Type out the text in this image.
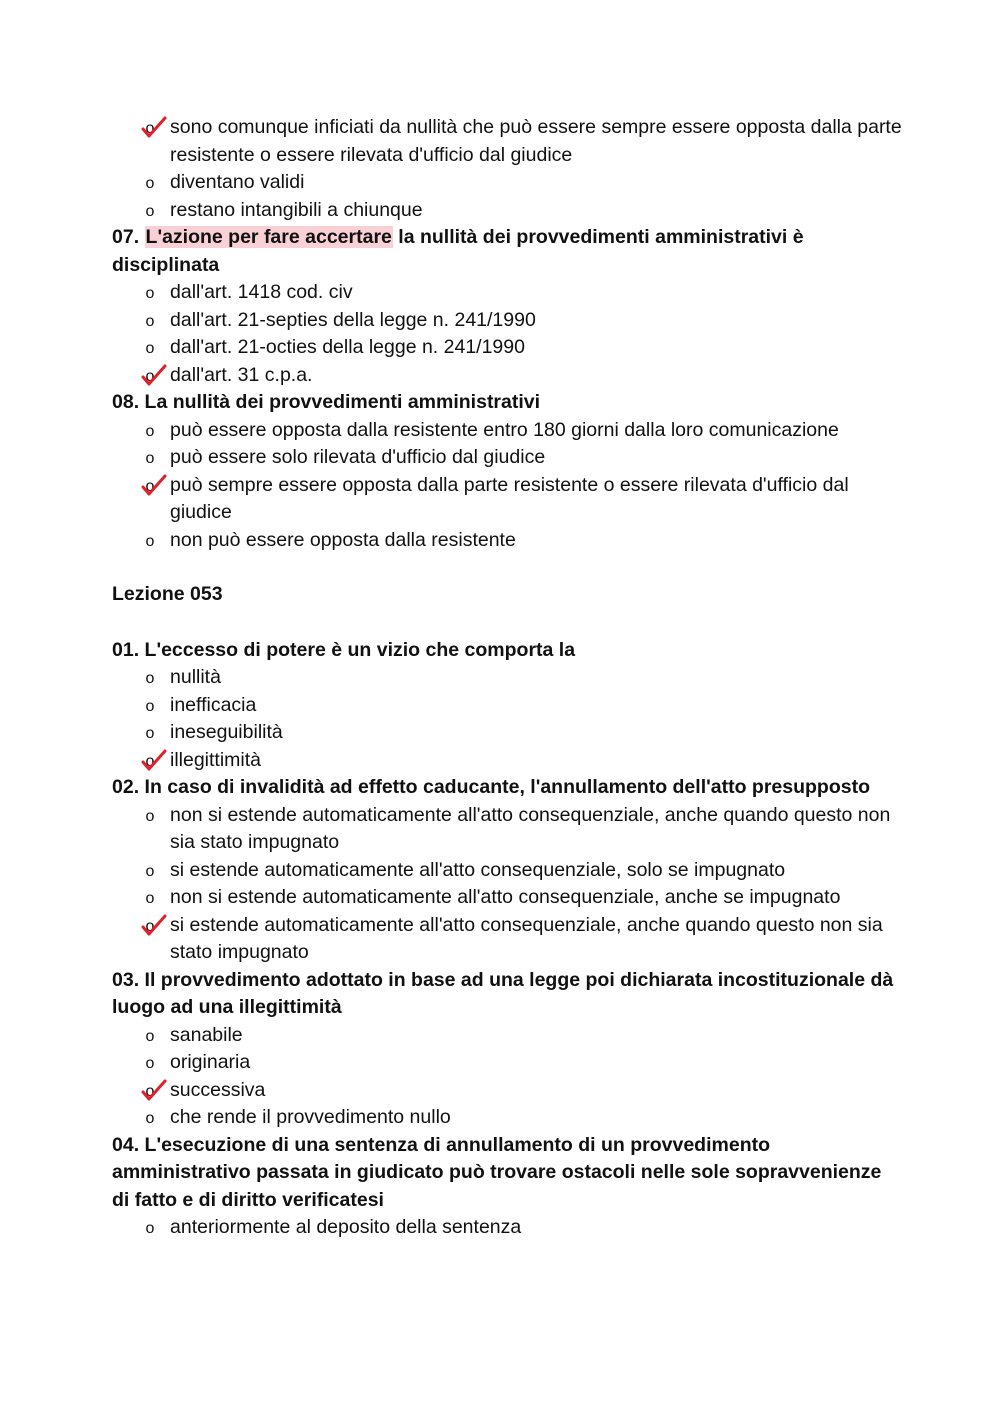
o sono comunque inficiati da nullità che può essere sempre essere opposta dalla parte resistente o essere rilevata d'ufficio dal giudice
o diventano validi
o restano intangibili a chiunque
07. L'azione per fare accertare la nullità dei provvedimenti amministrativi è disciplinata
o dall'art. 1418 cod. civ
o dall'art. 21-septies della legge n. 241/1990
o dall'art. 21-octies della legge n. 241/1990
o dall'art. 31 c.p.a.
08. La nullità dei provvedimenti amministrativi
o può essere opposta dalla resistente entro 180 giorni dalla loro comunicazione
o può essere solo rilevata d'ufficio dal giudice
o può sempre essere opposta dalla parte resistente o essere rilevata d'ufficio dal giudice
o non può essere opposta dalla resistente
Lezione 053
01. L'eccesso di potere è un vizio che comporta la
o nullità
o inefficacia
o ineseguibilità
o illegittimità
02. In caso di invalidità ad effetto caducante, l'annullamento dell'atto presupposto
o non si estende automaticamente all'atto consequenziale, anche quando questo non sia stato impugnato
o si estende automaticamente all'atto consequenziale, solo se impugnato
o non si estende automaticamente all'atto consequenziale, anche se impugnato
o si estende automaticamente all'atto consequenziale, anche quando questo non sia stato impugnato
03. Il provvedimento adottato in base ad una legge poi dichiarata incostituzionale dà luogo ad una illegittimità
o sanabile
o originaria
o successiva
o che rende il provvedimento nullo
04. L'esecuzione di una sentenza di annullamento di un provvedimento amministrativo passata in giudicato può trovare ostacoli nelle sole sopravvenienze di fatto e di diritto verificatesi
o anteriormente al deposito della sentenza
